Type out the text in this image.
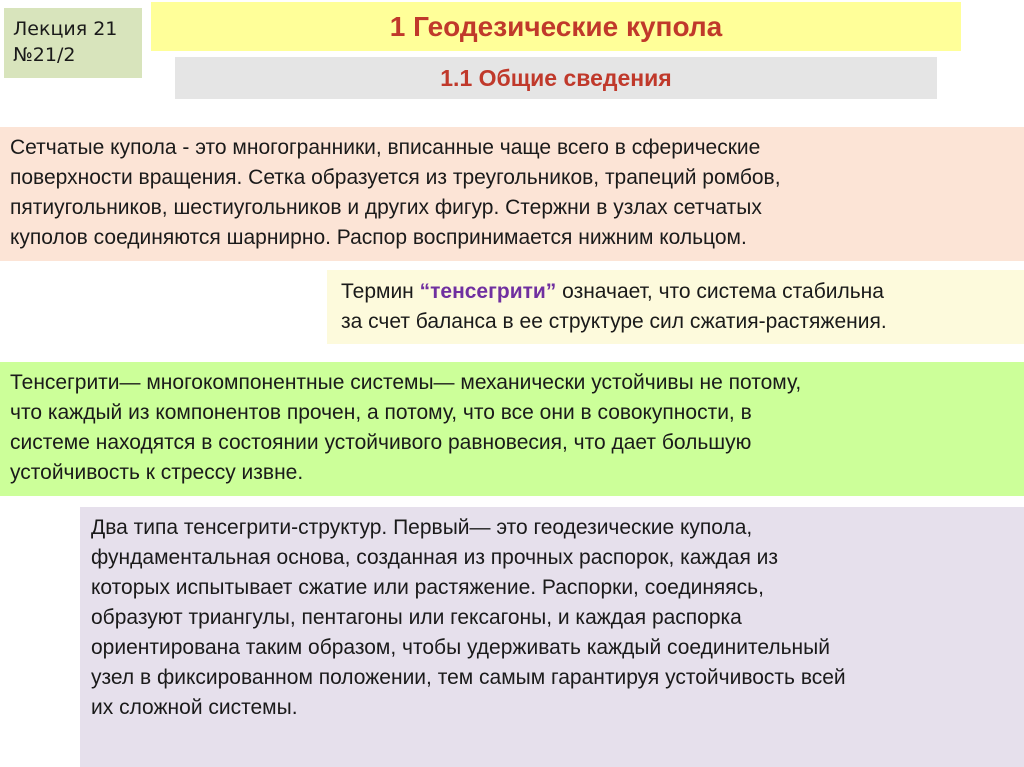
Лекция 21
№21/2
1 Геодезические купола
1.1 Общие сведения
Сетчатые купола - это многогранники, вписанные чаще всего в сферические
поверхности вращения. Сетка образуется из треугольников, трапеций ромбов,
пятиугольников, шестиугольников и других фигур. Стержни в узлах сетчатых
куполов соединяются шарнирно. Распор воспринимается нижним кольцом.
Термин “тенсегрити” означает, что система стабильна
за счет баланса в ее структуре сил сжатия-растяжения.
Тенсегрити— многокомпонентные системы— механически устойчивы не потому,
что каждый из компонентов прочен, а потому, что все они в совокупности, в
системе находятся в состоянии устойчивого равновесия, что дает большую
устойчивость к стрессу извне.
Два типа тенсегрити-структур. Первый— это геодезические купола,
фундаментальная основа, созданная из прочных распорок, каждая из
которых испытывает сжатие или растяжение. Распорки, соединяясь,
образуют триангулы, пентагоны или гексагоны, и каждая распорка
ориентирована таким образом, чтобы удерживать каждый соединительный
узел в фиксированном положении, тем самым гарантируя устойчивость всей
их сложной системы.
